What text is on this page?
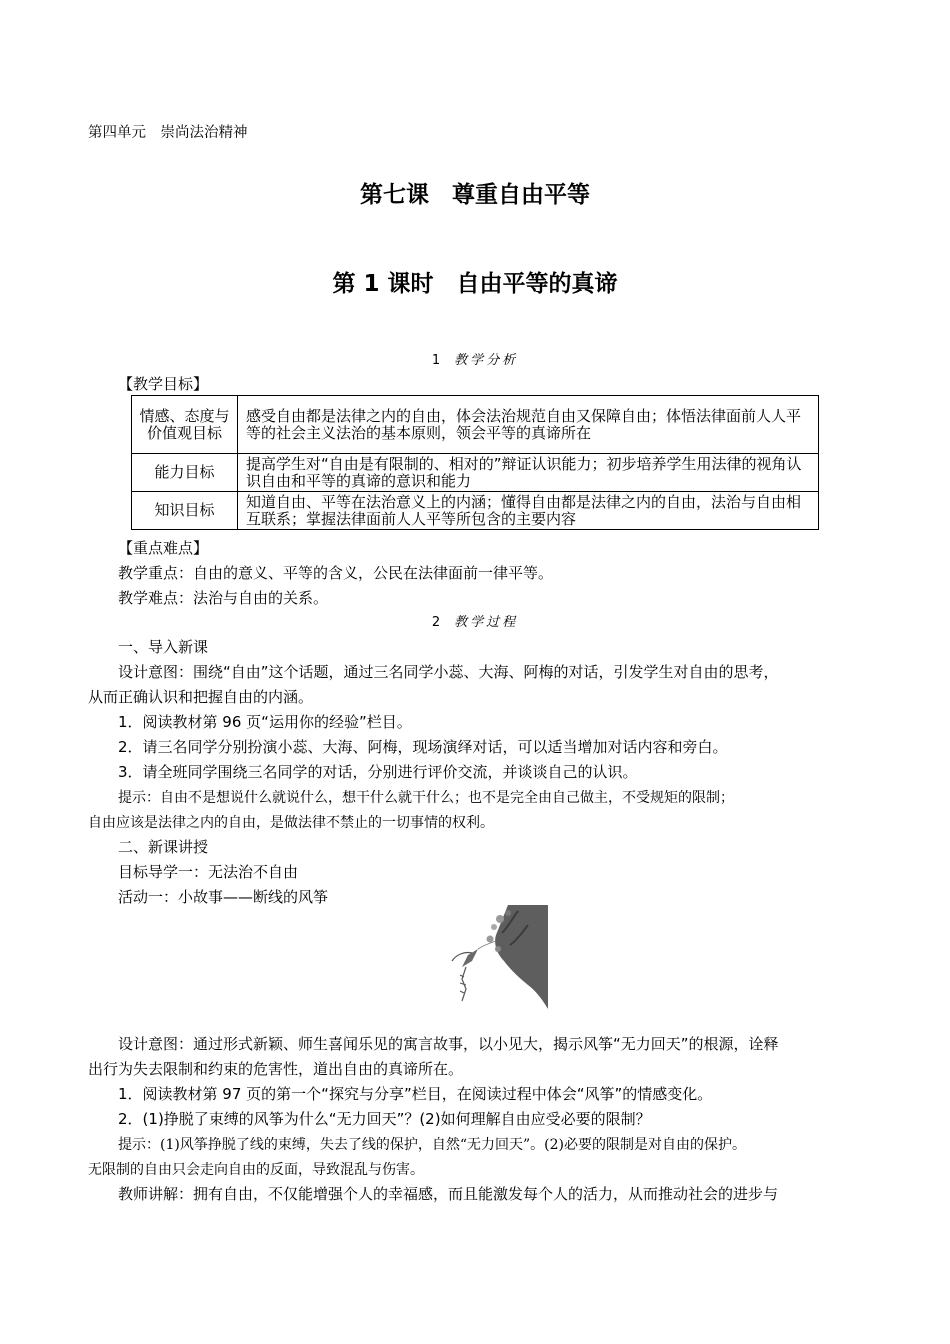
第四单元　崇尚法治精神
第七课　尊重自由平等
第 1 课时　自由平等的真谛
1 教学分析
【教学目标】
情感、态度与价值观目标	感受自由都是法律之内的自由，体会法治规范自由又保障自由；体悟法律面前人人平等的社会主义法治的基本原则，领会平等的真谛所在
能力目标	提高学生对“自由是有限制的、相对的”辩证认识能力；初步培养学生用法律的视角认识自由和平等的真谛的意识和能力
知识目标	知道自由、平等在法治意义上的内涵；懂得自由都是法律之内的自由，法治与自由相互联系；掌握法律面前人人平等所包含的主要内容
【重点难点】
教学重点：自由的意义、平等的含义，公民在法律面前一律平等。
教学难点：法治与自由的关系。
2 教学过程
一、导入新课
设计意图：围绕“自由”这个话题，通过三名同学小蕊、大海、阿梅的对话，引发学生对自由的思考，
从而正确认识和把握自由的内涵。
1．阅读教材第 96 页“运用你的经验”栏目。
2．请三名同学分别扮演小蕊、大海、阿梅，现场演绎对话，可以适当增加对话内容和旁白。
3．请全班同学围绕三名同学的对话，分别进行评价交流，并谈谈自己的认识。
提示：自由不是想说什么就说什么，想干什么就干什么；也不是完全由自己做主，不受规矩的限制；
自由应该是法律之内的自由，是做法律不禁止的一切事情的权利。
二、新课讲授
目标导学一：无法治不自由
活动一：小故事——断线的风筝
设计意图：通过形式新颖、师生喜闻乐见的寓言故事，以小见大，揭示风筝“无力回天”的根源，诠释
出行为失去限制和约束的危害性，道出自由的真谛所在。
1．阅读教材第 97 页的第一个“探究与分享”栏目，在阅读过程中体会“风筝”的情感变化。
2．(1)挣脱了束缚的风筝为什么“无力回天”？(2)如何理解自由应受必要的限制？
提示：(1)风筝挣脱了线的束缚，失去了线的保护，自然“无力回天”。(2)必要的限制是对自由的保护。
无限制的自由只会走向自由的反面，导致混乱与伤害。
教师讲解：拥有自由，不仅能增强个人的幸福感，而且能激发每个人的活力，从而推动社会的进步与
